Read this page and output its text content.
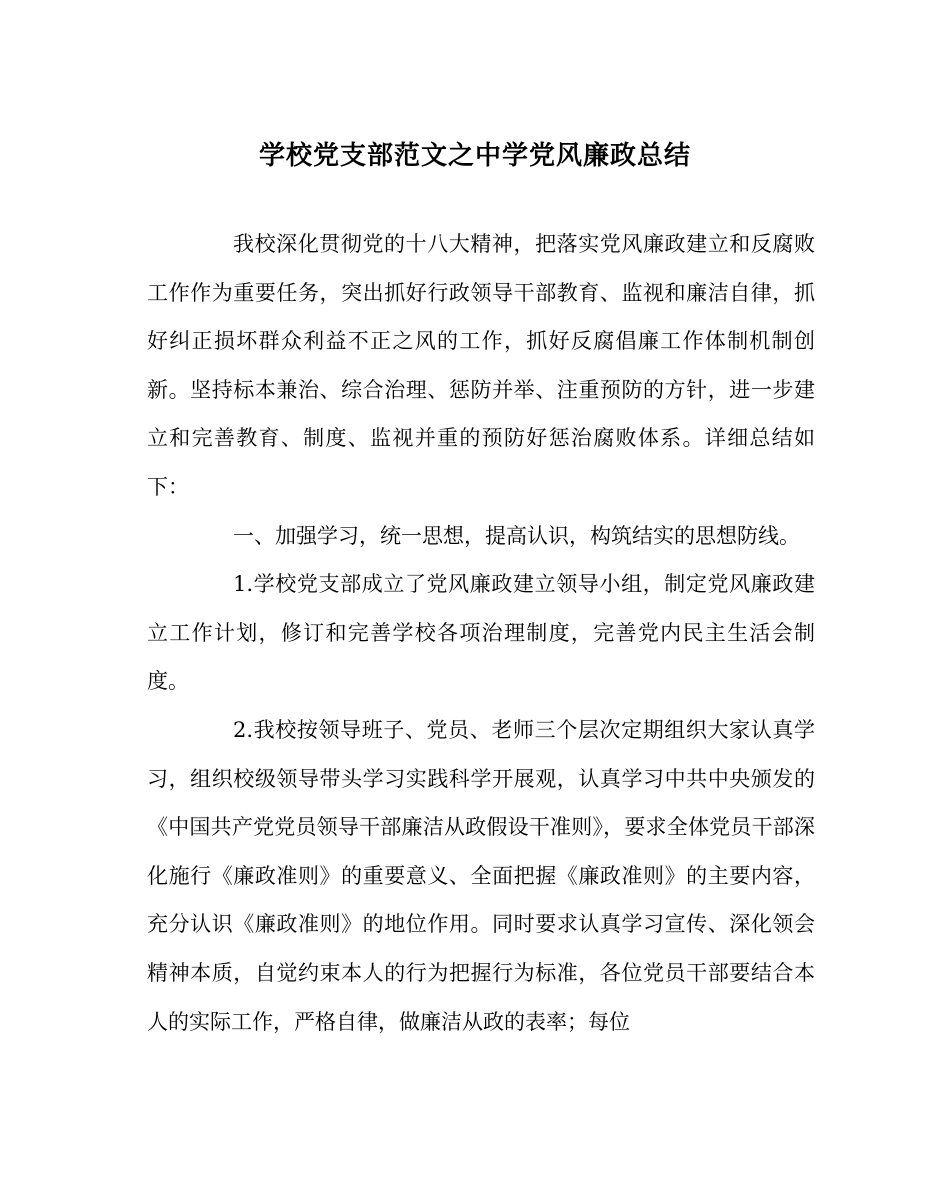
学校党支部范文之中学党风廉政总结

我校深化贯彻党的十八大精神，把落实党风廉政建立和反腐败工作作为重要任务，突出抓好行政领导干部教育、监视和廉洁自律，抓好纠正损坏群众利益不正之风的工作，抓好反腐倡廉工作体制机制创新。坚持标本兼治、综合治理、惩防并举、注重预防的方针，进一步建立和完善教育、制度、监视并重的预防好惩治腐败体系。详细总结如下：

一、加强学习，统一思想，提高认识，构筑结实的思想防线。

1.学校党支部成立了党风廉政建立领导小组，制定党风廉政建立工作计划，修订和完善学校各项治理制度，完善党内民主生活会制度。

2.我校按领导班子、党员、老师三个层次定期组织大家认真学习，组织校级领导带头学习实践科学开展观，认真学习中共中央颁发的《中国共产党党员领导干部廉洁从政假设干准则》，要求全体党员干部深化施行《廉政准则》的重要意义、全面把握《廉政准则》的主要内容，充分认识《廉政准则》的地位作用。同时要求认真学习宣传、深化领会精神本质，自觉约束本人的行为把握行为标准，各位党员干部要结合本人的实际工作，严格自律，做廉洁从政的表率；每位
